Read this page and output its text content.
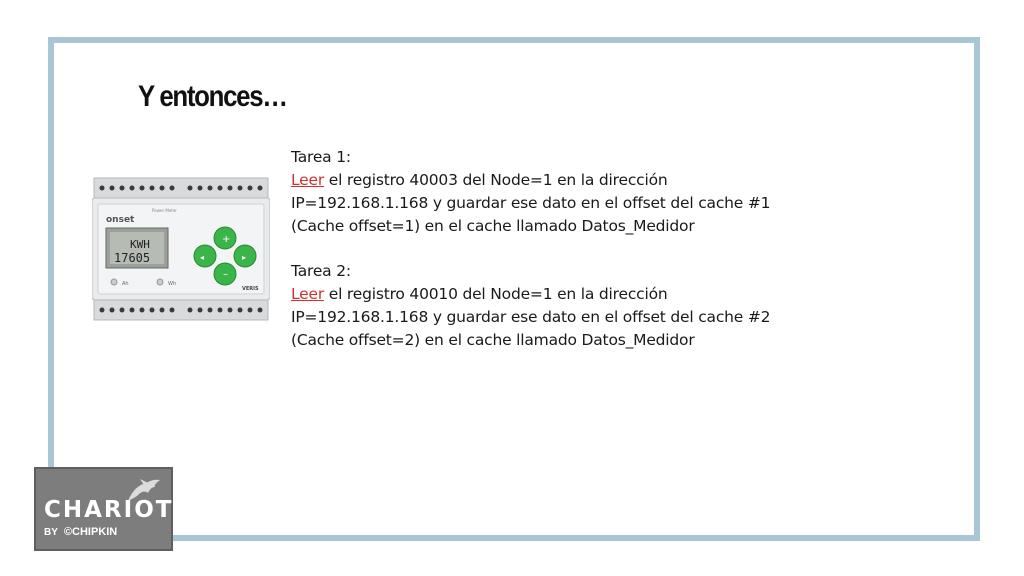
Y entonces…
onset
Power Meter
KWH
17605
Ah	Wh
+
–
◂	▸
VERIS
Tarea 1:
Leer el registro 40003 del Node=1 en la dirección
IP=192.168.1.168 y guardar ese dato en el offset del cache #1
(Cache offset=1) en el cache llamado Datos_Medidor
Tarea 2:
Leer el registro 40010 del Node=1 en la dirección
IP=192.168.1.168 y guardar ese dato en el offset del cache #2
(Cache offset=2) en el cache llamado Datos_Medidor
CHARIOT
BY ©CHIPKIN
